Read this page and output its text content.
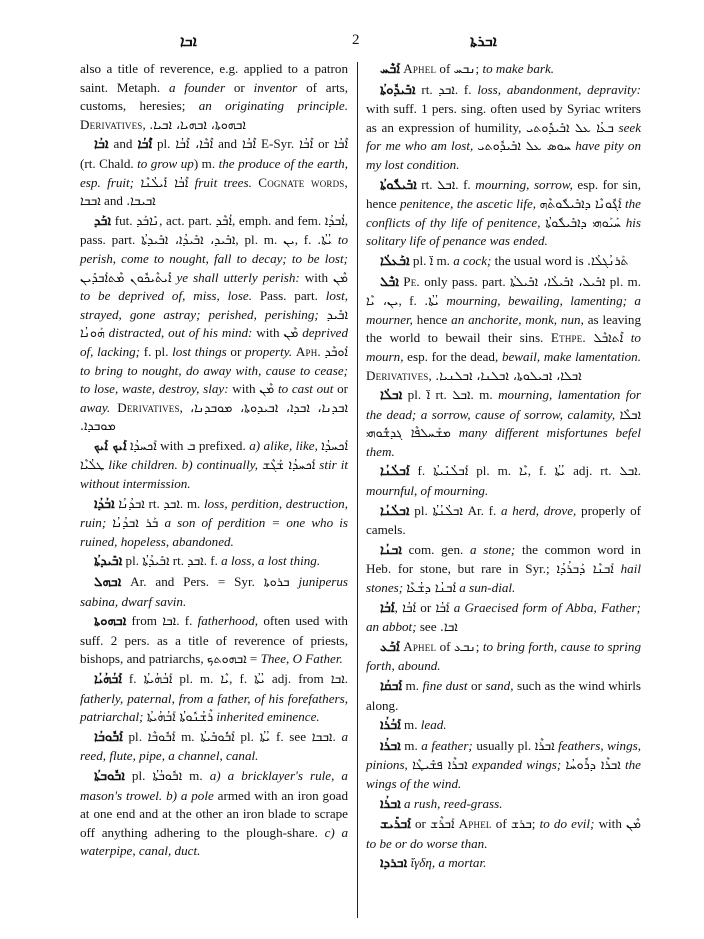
ܐܒܐ	2	ܐܒܪܬܐ

also a title of reverence, e.g. applied to a patron saint. Metaph. a founder or inventor of arts, customs, heresies; an originating principle. Derivatives, ܐܒܗܘܬܐ، ܐܒܗܝܐ، ܐܒܝܐ.

ܐܒܳܐ and ܐܶܒܳܐ pl. ܐܶܒܶܐ، ܐܶܒܳܐ and ܐܶܒܳܐ E-Syr. ܐܶܒܳܐ or ܐܶܒܳܐ (rt. Chald. to grow up) m. the produce of the earth, esp. fruit; ܐܶܒܳܐ ܐܺܝܠܳܢܶܐ fruit trees. Cognate words, ܐܒܒܐ and ܐܒܝܒܐ.

ܐܒܰܕ fut. ܢܺܐܒܰܕ, act. part. ܐܳܒܶܕ, emph. and fem. ܐܳܒܕܳܐ, pass. part. ܐܒܺܝܕ، ܐܒܺܝܕܳܐ، ܐܒܺܝܕܬܳܐ, pl. m. ܝܢ, f. ܝܳܬܳܐ. to perish, come to nought, fall to decay; to be lost; ܐܺܝܬܶܝܟܽܘܢ ܡܶܬܐܰܒܕܺܝܢ ye shall utterly perish: with ܡܶܢ to be deprived of, miss, lose. Pass. part. lost, strayed, gone astray; perished, perishing; ܐܒܺܝܕ ܗܰܘܢܳܐ distracted, out of his mind: with ܡܶܢ deprived of, lacking; f. pl. lost things or property. Aph. ܐܰܘܒܶܕ to bring to nought, do away with, cause to cease; to lose, waste, destroy, slay: with ܡܶܢ to cast out or away. Derivatives, ܐܒܕܢܐ، ܐܒܕܐ، ܐܒܝܕܘܬܐ، ܡܘܒܕܢܐ، ܡܘܒܕܐ.

ܐܰܝܟ ܐܰܝܟ ܐܰܟܚܕܳܐ with ܒ prefixed. a) alike, like, ܐܰܟܚܕܳܐ ܛܠܳܝܶܐ like children. b) continually, ܐܰܟܚܕܳܐ ܫܰܓܶܫ stir it without intermission.

ܐܒܳܕܳܐ ܐܒܕܳܢܳܐ rt. ܐܒܕ. m. loss, perdition, destruction, ruin; ܒܰܪ ܐܒܕܳܢܳܐ a son of perdition = one who is ruined, hopeless, abandoned.

ܐܒܺܝܕܬܳܐ pl. ܐܒܺܝܕܳܬܳܐ rt. ܐܒܕ. f. a loss, a lost thing.

ܐܒܗܠ Ar. and Pers. = Syr. ܒܪܘܬܐ juniperus sabina, dwarf savin.

ܐܒܗܘܬܐ from ܐܒܐ. f. fatherhood, often used with suff. 2 pers. as a title of reverence of priests, bishops, and patriarchs, ܐܒܗܘܬܟ = Thee, O Father.

ܐܰܒܳܗܳܝܳܐ f. ܐܰܒܳܗܳܝܬܳܐ pl. m. ܝܶܐ, f. ܝܳܬܳܐ adj. from ܐܒܐ. fatherly, paternal, from a father, of his forefathers, patriarchal; ܪܶܫܳܢܽܘܬܳܐ ܐܰܒܳܗܳܝܬܳܐ inherited eminence.

ܐܰܒܽܘܒܳܐ pl. ܐܰܒܽܘܒܶܐ m. ܐܰܒܽܘܒܺܝܬܳܐ pl. ܝܳܬܳܐ f. see ܐܒܒܐ. a reed, flute, pipe, a channel, canal.

ܐܒܽܘܒܬܳܐ pl. ܐܒܽܘܒܳܬܳܐ m. a) a bricklayer's rule, a mason's trowel. b) a pole armed with an iron goad at one end and at the other an iron blade to scrape off anything adhering to the plough-share. c) a waterpipe, canal, duct.

ܐܰܒܶܚ Aphel of ܢܒܚ; to make bark.

ܐܒܺܝܕܽܘܬܳܐ rt. ܐܒܕ. f. loss, abandonment, depravity: with suff. 1 pers. sing. often used by Syriac writers as an expression of humility, ܒܥܳܐ ܥܠ ܐܒܺܝܕܽܘܬܝ seek for me who am lost, ܚܘܣ ܥܠ ܐܒܺܝܕܽܘܬܝ have pity on my lost condition.

ܐܒܺܝܠܽܘܬܳܐ rt. ܐܒܠ. f. mourning, sorrow, esp. for sin, hence penitence, the ascetic life, ܐܰܓܽܘܢܶܐ ܕܐܒܺܝܠܽܘܬܶܗ the conflicts of thy life of penitence, ܚܰܝܰܘܗܝ ܕܐܒܺܝܠܽܘܬܳܐ his solitary life of penance was ended.

ܐܒܰܥܠܳܐ pl. ܐ̈ m. a cock; the usual word is ܬܰܪܢܳܓܠܳܐ.

ܐܒܶܠ Pe. only pass. part. ܐܒܺܝܠ، ܐܒܺܝܠܳܐ، ܐܒܺܝܠܬܳܐ pl. m. ܝܢ، ܝܶܐ, f. ܝܳܬܳܐ. mourning, bewailing, lamenting; a mourner, hence an anchorite, monk, nun, as leaving the world to bewail their sins. Ethpe. ܐܶܬܐܒܶܠ to mourn, esp. for the dead, bewail, make lamentation. Derivatives, ܐܒܠܐ، ܐܒܝܠܘܬܐ، ܐܒܠܢܐ، ܐܒܠܢܝܐ.

ܐܒܠܳܐ pl. ܐ̈ rt. ܐܒܠ. m. mourning, lamentation for the dead; a sorrow, cause of sorrow, calamity, ܐܒܠܶܐ ܡܫܰܚܠܦܶܐ ܓܕܫܽܘܗܝ many different misfortunes befel them.

ܐܰܒܠܳܢܳܐ f. ܐܰܒܠܳܢܺܝܬܳܐ pl. m. ܝܶܐ, f. ܝܳܬܳܐ adj. rt. ܐܒܠ. mournful, of mourning.

ܐܒܠܳܢܳܐ pl. ܐܒܠܳܢܳܬܳܐ Ar. f. a herd, drove, properly of camels.

ܐܒܢܳܐ com. gen. a stone; the common word in Heb. for stone, but rare in Syr.; ܐܰܒܢܶܐ ܕܰܒܪܳܕܳܐ hail stones; ܐܰܒܢܳܐ ܕܫܳܥܶܐ a sun-dial.

ܐܰܒܳܐ, ܐܰܒܳܐ or ܐܰܒܳܐ a Graecised form of Abba, Father; an abbot; see ܐܒܐ.

ܐܰܒܰܥ Aphel of ܢܒܥ; to bring forth, cause to spring forth, abound.

ܐܰܒܩܳܐ m. fine dust or sand, such as the wind whirls along.

ܐܰܒܳܪܳܐ m. lead.

ܐܒܪܳܐ m. a feather; usually pl. ܐܒܪܶܐ feathers, wings, pinions, ܐܒܪܶܐ ܦܫܺܝܛܶܐ expanded wings; ܐܒܪܶܐ ܕܪܽܘܚܳܐ the wings of the wind.

ܐܒܪܳܐ a rush, reed-grass.

ܐܰܒܪܺܝܫ or ܐܰܒܪܶܫ Aphel of ܒܪܫ; to do evil; with ܡܶܢ to be or do worse than.

ܐܒܪܕܐ ἴγδη, a mortar.
